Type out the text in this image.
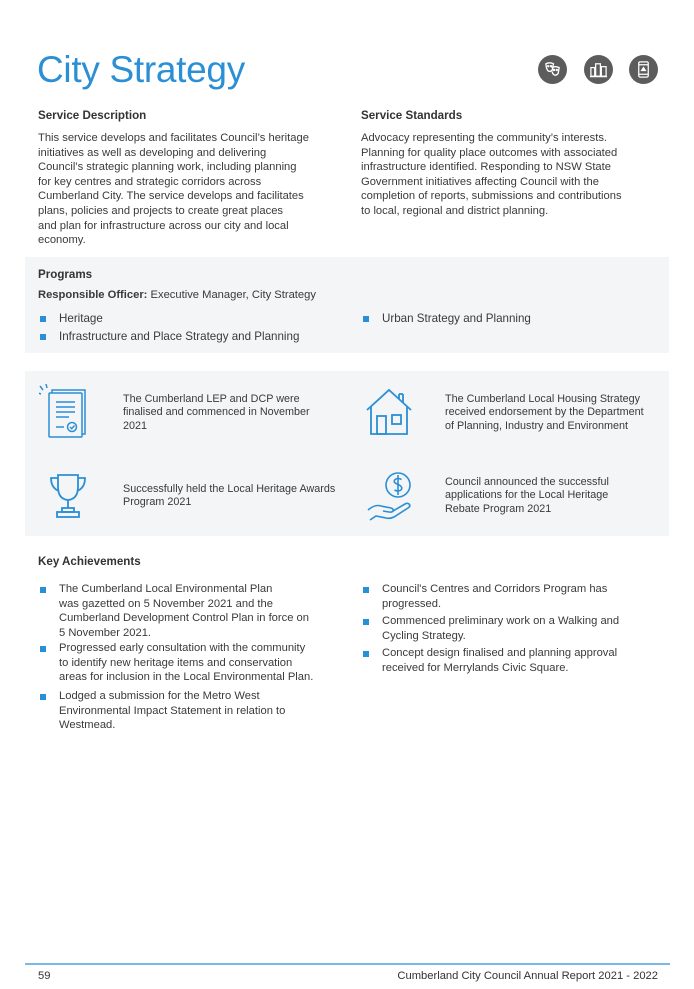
City Strategy
Service Description
This service develops and facilitates Council’s heritage
initiatives as well as developing and delivering
Council’s strategic planning work, including planning
for key centres and strategic corridors across
Cumberland City. The service develops and facilitates
plans, policies and projects to create great places
and plan for infrastructure across our city and local
economy.
Service Standards
Advocacy representing the community’s interests.
Planning for quality place outcomes with associated
infrastructure identified. Responding to NSW State
Government initiatives affecting Council with the
completion of reports, submissions and contributions
to local, regional and district planning.
Programs
Responsible Officer: Executive Manager, City Strategy
Heritage
Infrastructure and Place Strategy and Planning
Urban Strategy and Planning
The Cumberland LEP and DCP were
finalised and commenced in November
2021
The Cumberland Local Housing Strategy
received endorsement by the Department
of Planning, Industry and Environment
Successfully held the Local Heritage Awards
Program 2021
Council announced the successful
applications for the Local Heritage
Rebate Program 2021
Key Achievements
The Cumberland Local Environmental Plan
was gazetted on 5 November 2021 and the
Cumberland Development Control Plan in force on
5 November 2021.
Progressed early consultation with the community
to identify new heritage items and conservation
areas for inclusion in the Local Environmental Plan.
Lodged a submission for the Metro West
Environmental Impact Statement in relation to
Westmead.
Council's Centres and Corridors Program has
progressed.
Commenced preliminary work on a Walking and
Cycling Strategy.
Concept design finalised and planning approval
received for Merrylands Civic Square.
59	Cumberland City Council Annual Report 2021 - 2022
